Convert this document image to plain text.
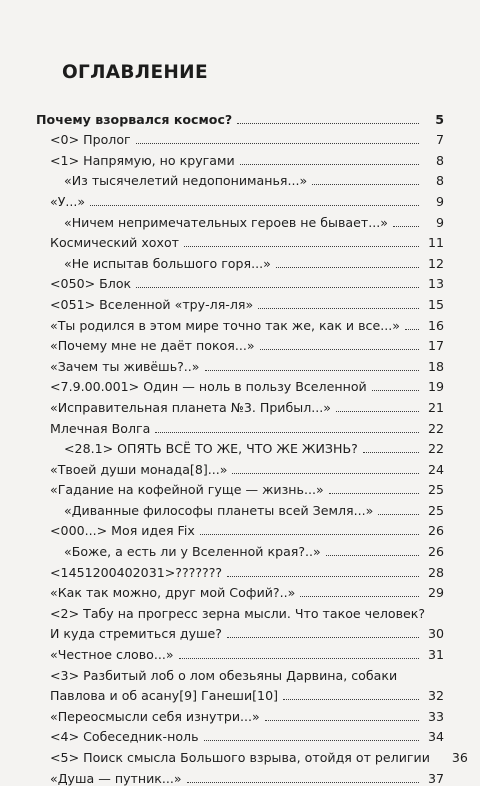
ОГЛАВЛЕНИЕ
Почему взорвался космос?	5
<0> Пролог	7
<1> Напрямую, но кругами	8
«Из тысячелетий недопониманья...»	8
«У...»	9
«Ничем непримечательных героев не бывает...»	9
Космический хохот	11
«Не испытав большого горя...»	12
<050> Блок	13
<051> Вселенной «тру-ля-ля»	15
«Ты родился в этом мире точно так же, как и все...»	16
«Почему мне не даёт покоя...»	17
«Зачем ты живёшь?..»	18
<7.9.00.001> Один — ноль в пользу Вселенной	19
«Исправительная планета №3. Прибыл...»	21
Млечная Волга	22
<28.1> ОПЯТЬ ВСЁ ТО ЖЕ, ЧТО ЖЕ ЖИЗНЬ?	22
«Твоей души монада[8]...»	24
«Гадание на кофейной гуще — жизнь...»	25
«Диванные философы планеты всей Земля...»	25
<000...> Моя идея Fix	26
«Боже, а есть ли у Вселенной края?..»	26
<1451200402031>???????	28
«Как так можно, друг мой Софий?..»	29
<2> Табу на прогресс зерна мысли. Что такое человек?
И куда стремиться душе?	30
«Честное слово...»	31
<3> Разбитый лоб о лом обезьяны Дарвина, собаки
Павлова и об асану[9] Ганеши[10]	32
«Переосмысли себя изнутри...»	33
<4> Собеседник-ноль	34
<5> Поиск смысла Большого взрыва, отойдя от религии	36
«Душа — путник...»	37
